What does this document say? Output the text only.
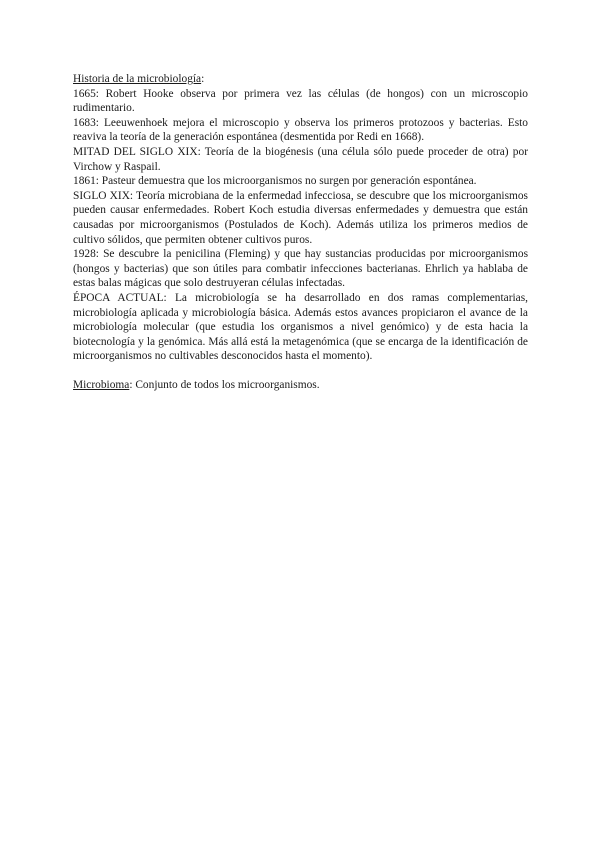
Historia de la microbiología:

1665: Robert Hooke observa por primera vez las células (de hongos) con un microscopio rudimentario.

1683: Leeuwenhoek mejora el microscopio y observa los primeros protozoos y bacterias. Esto reaviva la teoría de la generación espontánea (desmentida por Redi en 1668).

MITAD DEL SIGLO XIX: Teoría de la biogénesis (una célula sólo puede proceder de otra) por Virchow y Raspail.

1861: Pasteur demuestra que los microorganismos no surgen por generación espontánea.

SIGLO XIX: Teoría microbiana de la enfermedad infecciosa, se descubre que los microorganismos pueden causar enfermedades. Robert Koch estudia diversas enfermedades y demuestra que están causadas por microorganismos (Postulados de Koch). Además utiliza los primeros medios de cultivo sólidos, que permiten obtener cultivos puros.

1928: Se descubre la penicilina (Fleming) y que hay sustancias producidas por microorganismos (hongos y bacterias) que son útiles para combatir infecciones bacterianas. Ehrlich ya hablaba de estas balas mágicas que solo destruyeran células infectadas.

ÉPOCA ACTUAL: La microbiología se ha desarrollado en dos ramas complementarias, microbiología aplicada y microbiología básica. Además estos avances propiciaron el avance de la microbiología molecular (que estudia los organismos a nivel genómico) y de esta hacia la biotecnología y la genómica. Más allá está la metagenómica (que se encarga de la identificación de microorganismos no cultivables desconocidos hasta el momento).

Microbioma: Conjunto de todos los microorganismos.
